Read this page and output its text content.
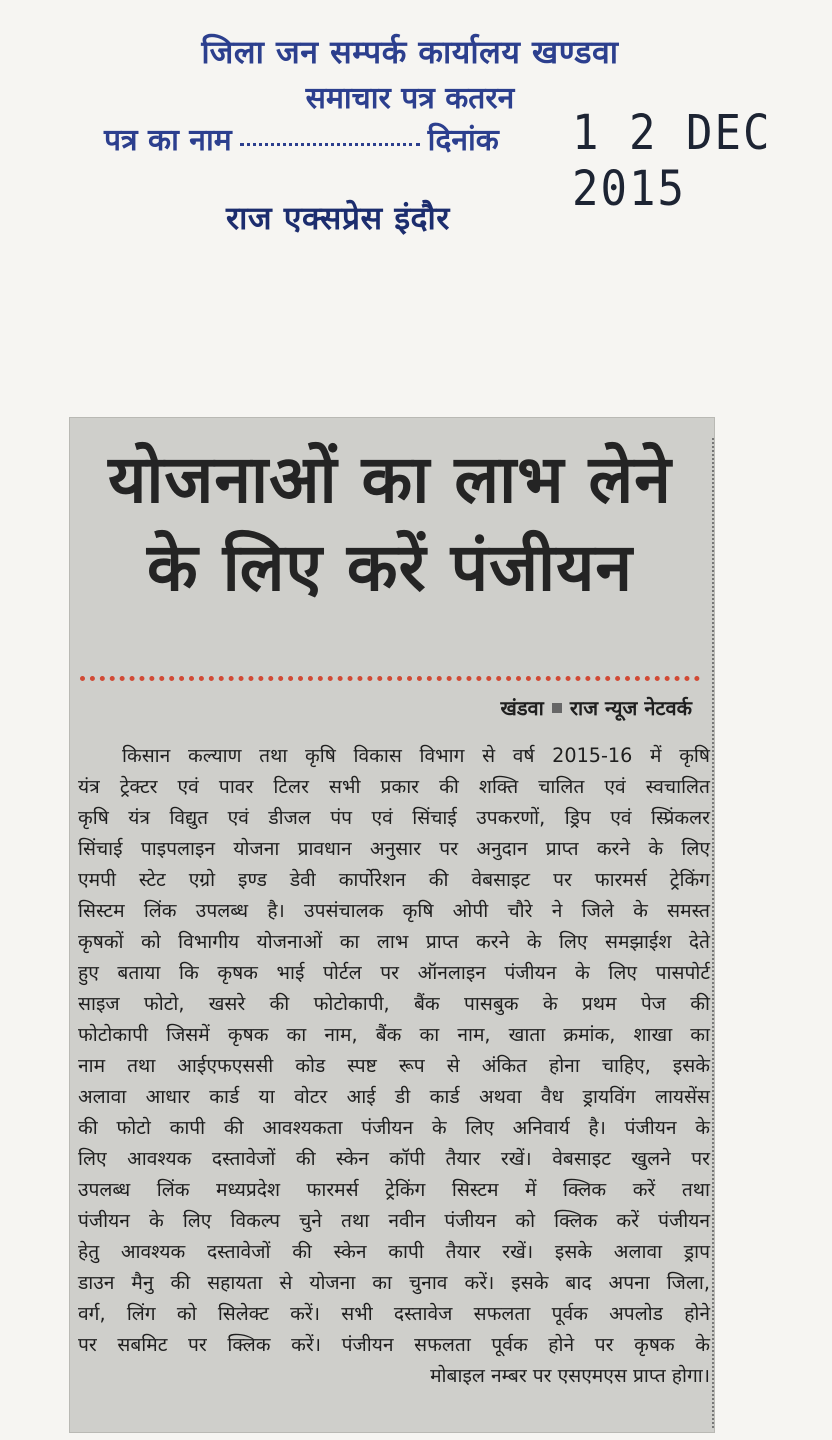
जिला जन सम्पर्क कार्यालय खण्डवा
समाचार पत्र कतरन
पत्र का नाम	दिनांक 1 2 DEC 2015
राज एक्सप्रेस इंदौर
योजनाओं का लाभ लेने
के लिए करें पंजीयन
खंडवा राज न्यूज नेटवर्क
किसान कल्याण तथा कृषि विकास विभाग से वर्ष 2015-16 में कृषि
यंत्र ट्रेक्टर एवं पावर टिलर सभी प्रकार की शक्ति चालित एवं स्वचालित
कृषि यंत्र विद्युत एवं डीजल पंप एवं सिंचाई उपकरणों, ड्रिप एवं स्प्रिंकलर
सिंचाई पाइपलाइन योजना प्रावधान अनुसार पर अनुदान प्राप्त करने के लिए
एमपी स्टेट एग्रो इण्ड डेवी कार्पोरेशन की वेबसाइट पर फारमर्स ट्रेकिंग
सिस्टम लिंक उपलब्ध है। उपसंचालक कृषि ओपी चौरे ने जिले के समस्त
कृषकों को विभागीय योजनाओं का लाभ प्राप्त करने के लिए समझाईश देते
हुए बताया कि कृषक भाई पोर्टल पर ऑनलाइन पंजीयन के लिए पासपोर्ट
साइज फोटो, खसरे की फोटोकापी, बैंक पासबुक के प्रथम पेज की
फोटोकापी जिसमें कृषक का नाम, बैंक का नाम, खाता क्रमांक, शाखा का
नाम तथा आईएफएससी कोड स्पष्ट रूप से अंकित होना चाहिए, इसके
अलावा आधार कार्ड या वोटर आई डी कार्ड अथवा वैध ड्रायविंग लायसेंस
की फोटो कापी की आवश्यकता पंजीयन के लिए अनिवार्य है। पंजीयन के
लिए आवश्यक दस्तावेजों की स्केन कॉपी तैयार रखें। वेबसाइट खुलने पर
उपलब्ध लिंक मध्यप्रदेश फारमर्स ट्रेकिंग सिस्टम में क्लिक करें तथा
पंजीयन के लिए विकल्प चुने तथा नवीन पंजीयन को क्लिक करें पंजीयन
हेतु आवश्यक दस्तावेजों की स्केन कापी तैयार रखें। इसके अलावा ड्राप
डाउन मैनु की सहायता से योजना का चुनाव करें। इसके बाद अपना जिला,
वर्ग, लिंग को सिलेक्ट करें। सभी दस्तावेज सफलता पूर्वक अपलोड होने
पर सबमिट पर क्लिक करें। पंजीयन सफलता पूर्वक होने पर कृषक के
मोबाइल नम्बर पर एसएमएस प्राप्त होगा।
